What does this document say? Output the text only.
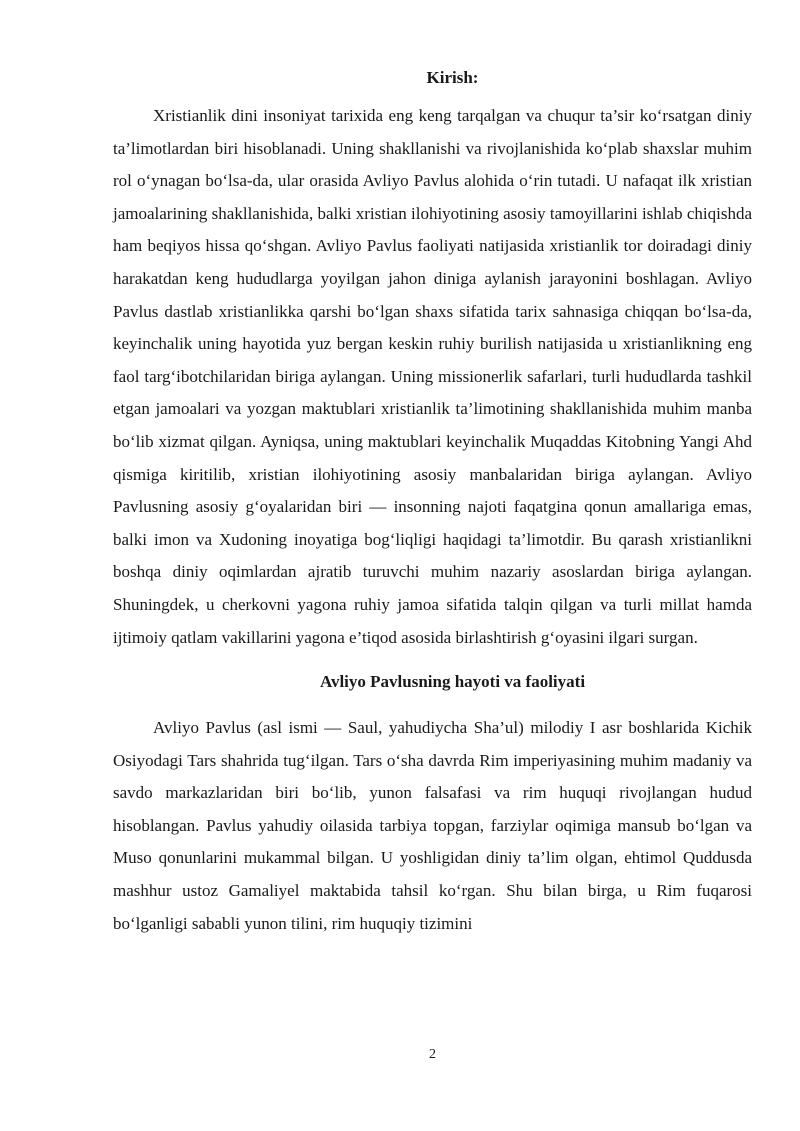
Kirish:

Xristianlik dini insoniyat tarixida eng keng tarqalgan va chuqur ta’sir ko‘rsatgan diniy ta’limotlardan biri hisoblanadi. Uning shakllanishi va rivojlanishida ko‘plab shaxslar muhim rol o‘ynagan bo‘lsa-da, ular orasida Avliyo Pavlus alohida o‘rin tutadi. U nafaqat ilk xristian jamoalarining shakllanishida, balki xristian ilohiyotining asosiy tamoyillarini ishlab chiqishda ham beqiyos hissa qo‘shgan. Avliyo Pavlus faoliyati natijasida xristianlik tor doiradagi diniy harakatdan keng hududlarga yoyilgan jahon diniga aylanish jarayonini boshlagan. Avliyo Pavlus dastlab xristianlikka qarshi bo‘lgan shaxs sifatida tarix sahnasiga chiqqan bo‘lsa-da, keyinchalik uning hayotida yuz bergan keskin ruhiy burilish natijasida u xristianlikning eng faol targ‘ibotchilaridan biriga aylangan. Uning missionerlik safarlari, turli hududlarda tashkil etgan jamoalari va yozgan maktublari xristianlik ta’limotining shakllanishida muhim manba bo‘lib xizmat qilgan. Ayniqsa, uning maktublari keyinchalik Muqaddas Kitobning Yangi Ahd qismiga kiritilib, xristian ilohiyotining asosiy manbalaridan biriga aylangan. Avliyo Pavlusning asosiy g‘oyalaridan biri — insonning najoti faqatgina qonun amallariga emas, balki imon va Xudoning inoyatiga bog‘liqligi haqidagi ta’limotdir. Bu qarash xristianlikni boshqa diniy oqimlardan ajratib turuvchi muhim nazariy asoslardan biriga aylangan. Shuningdek, u cherkovni yagona ruhiy jamoa sifatida talqin qilgan va turli millat hamda ijtimoiy qatlam vakillarini yagona e’tiqod asosida birlashtirish g‘oyasini ilgari surgan.

Avliyo Pavlusning hayoti va faoliyati

Avliyo Pavlus (asl ismi — Saul, yahudiycha Sha’ul) milodiy I asr boshlarida Kichik Osiyodagi Tars shahrida tug‘ilgan. Tars o‘sha davrda Rim imperiyasining muhim madaniy va savdo markazlaridan biri bo‘lib, yunon falsafasi va rim huquqi rivojlangan hudud hisoblangan. Pavlus yahudiy oilasida tarbiya topgan, farziylar oqimiga mansub bo‘lgan va Muso qonunlarini mukammal bilgan. U yoshligidan diniy ta’lim olgan, ehtimol Quddusda mashhur ustoz Gamaliyel maktabida tahsil ko‘rgan. Shu bilan birga, u Rim fuqarosi bo‘lganligi sababli yunon tilini, rim huquqiy tizimini

2
